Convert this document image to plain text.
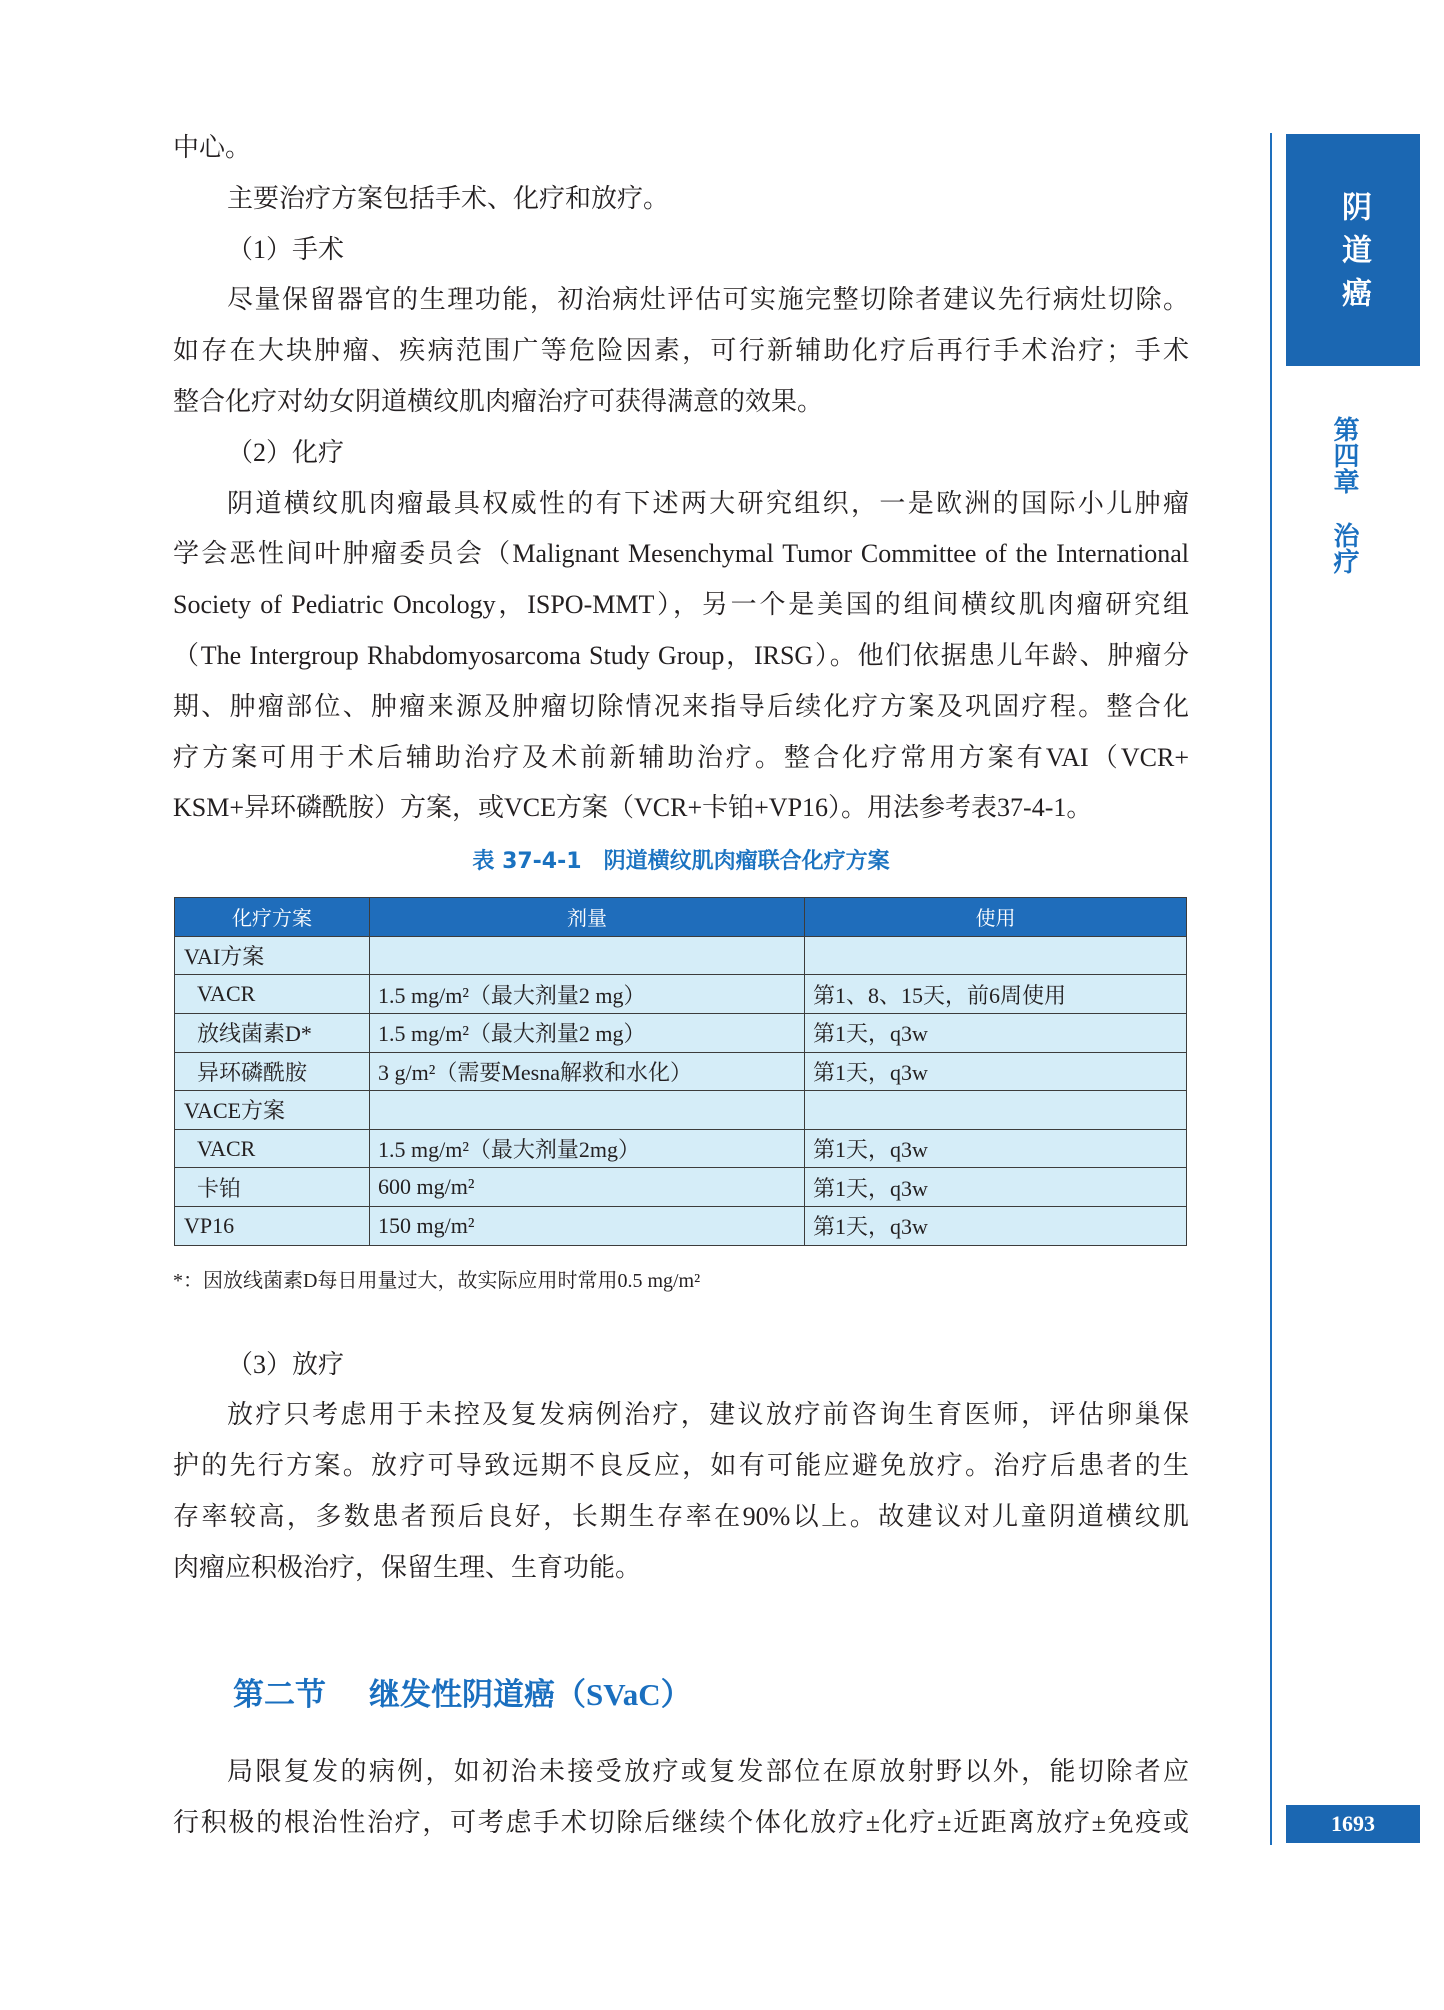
中心。
主要治疗方案包括手术、化疗和放疗。
（1）手术
尽量保留器官的生理功能，初治病灶评估可实施完整切除者建议先行病灶切除。
如存在大块肿瘤、疾病范围广等危险因素，可行新辅助化疗后再行手术治疗；手术
整合化疗对幼女阴道横纹肌肉瘤治疗可获得满意的效果。
（2）化疗
阴道横纹肌肉瘤最具权威性的有下述两大研究组织，一是欧洲的国际小儿肿瘤
学会恶性间叶肿瘤委员会（Malignant Mesenchymal Tumor Committee of the International
Society of Pediatric Oncology，ISPO-MMT），另一个是美国的组间横纹肌肉瘤研究组
（The Intergroup Rhabdomyosarcoma Study Group，IRSG）。他们依据患儿年龄、肿瘤分
期、肿瘤部位、肿瘤来源及肿瘤切除情况来指导后续化疗方案及巩固疗程。整合化
疗方案可用于术后辅助治疗及术前新辅助治疗。整合化疗常用方案有VAI（VCR+
KSM+异环磷酰胺）方案，或VCE方案（VCR+卡铂+VP16）。用法参考表37-4-1。
表 37-4-1 阴道横纹肌肉瘤联合化疗方案
化疗方案	剂量	使用
VAI方案		
VACR	1.5 mg/m²（最大剂量2 mg）	第1、8、15天，前6周使用
放线菌素D*	1.5 mg/m²（最大剂量2 mg）	第1天，q3w
异环磷酰胺	3 g/m²（需要Mesna解救和水化）	第1天，q3w
VACE方案		
VACR	1.5 mg/m²（最大剂量2mg）	第1天，q3w
卡铂	600 mg/m²	第1天，q3w
VP16	150 mg/m²	第1天，q3w
*：因放线菌素D每日用量过大，故实际应用时常用0.5 mg/m²
（3）放疗
放疗只考虑用于未控及复发病例治疗，建议放疗前咨询生育医师，评估卵巢保
护的先行方案。放疗可导致远期不良反应，如有可能应避免放疗。治疗后患者的生
存率较高，多数患者预后良好，长期生存率在90%以上。故建议对儿童阴道横纹肌
肉瘤应积极治疗，保留生理、生育功能。
第二节 继发性阴道癌（SVaC）
局限复发的病例，如初治未接受放疗或复发部位在原放射野以外，能切除者应
行积极的根治性治疗，可考虑手术切除后继续个体化放疗±化疗±近距离放疗±免疫或
阴道癌
第四章
治疗
1693
